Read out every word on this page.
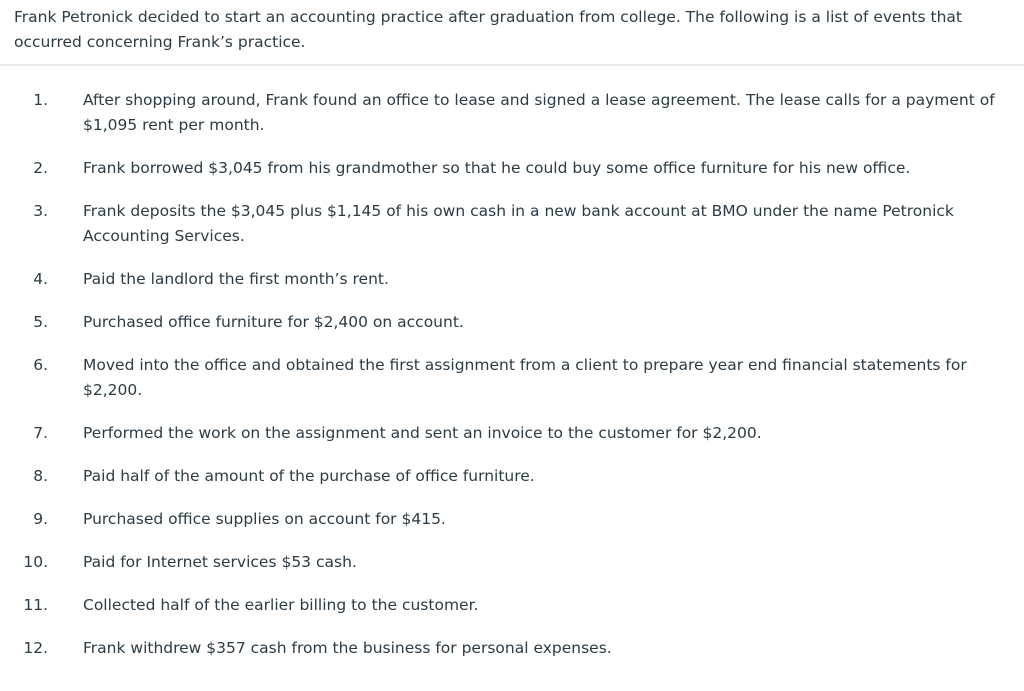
Frank Petronick decided to start an accounting practice after graduation from college. The following is a list of events that occurred concerning Frank’s practice.

1. After shopping around, Frank found an office to lease and signed a lease agreement. The lease calls for a payment of $1,095 rent per month.
2. Frank borrowed $3,045 from his grandmother so that he could buy some office furniture for his new office.
3. Frank deposits the $3,045 plus $1,145 of his own cash in a new bank account at BMO under the name Petronick Accounting Services.
4. Paid the landlord the first month’s rent.
5. Purchased office furniture for $2,400 on account.
6. Moved into the office and obtained the first assignment from a client to prepare year end financial statements for $2,200.
7. Performed the work on the assignment and sent an invoice to the customer for $2,200.
8. Paid half of the amount of the purchase of office furniture.
9. Purchased office supplies on account for $415.
10. Paid for Internet services $53 cash.
11. Collected half of the earlier billing to the customer.
12. Frank withdrew $357 cash from the business for personal expenses.
